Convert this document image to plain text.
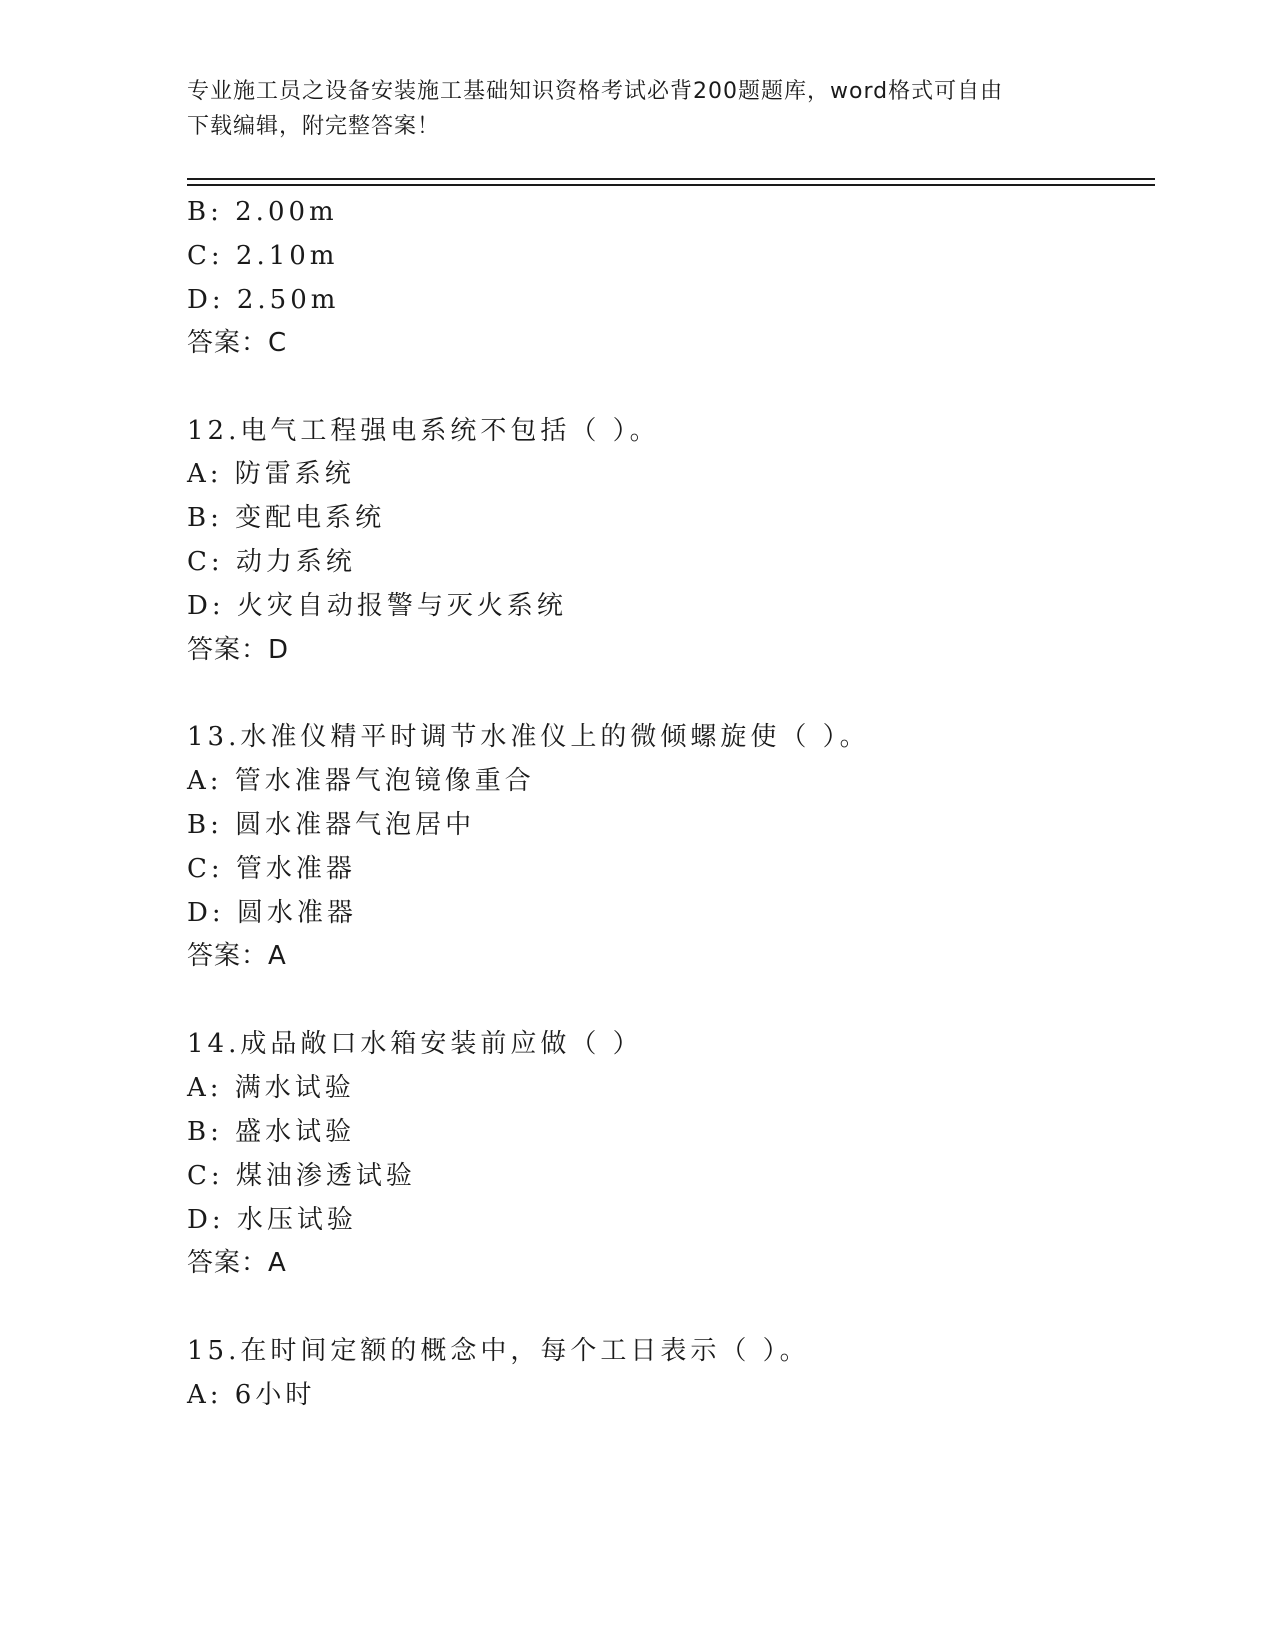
专业施工员之设备安装施工基础知识资格考试必背200题题库，word格式可自由
下载编辑，附完整答案！
B: 2.00m
C: 2.10m
D: 2.50m
答案：C
12.电气工程强电系统不包括（ ）。
A: 防雷系统
B: 变配电系统
C: 动力系统
D: 火灾自动报警与灭火系统
答案：D
13.水准仪精平时调节水准仪上的微倾螺旋使（ ）。
A: 管水准器气泡镜像重合
B: 圆水准器气泡居中
C: 管水准器
D: 圆水准器
答案：A
14.成品敞口水箱安装前应做（ ）
A: 满水试验
B: 盛水试验
C: 煤油渗透试验
D: 水压试验
答案：A
15.在时间定额的概念中，每个工日表示（ ）。
A: 6小时
